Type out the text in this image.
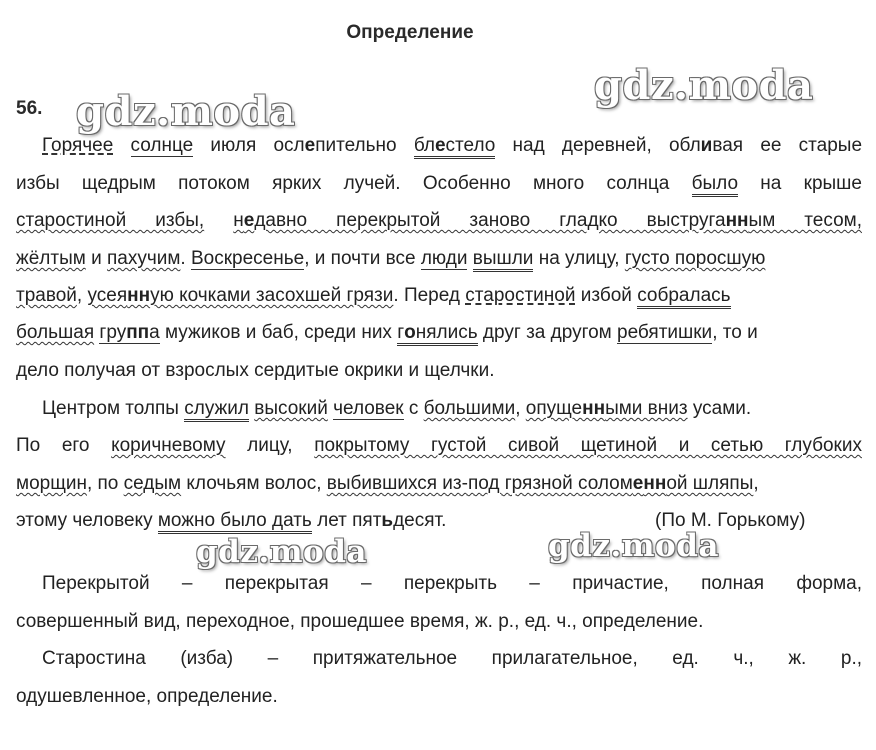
Определение
56.	gdz.moda
gdz.moda
Горячее солнце июля ослепительно блестело над деревней, обливая ее старые
избы щедрым потоком ярких лучей. Особенно много солнца было на крыше
старостиной избы, недавно перекрытой заново гладко выструганным тесом,
жёлтым и пахучим. Воскресенье, и почти все люди вышли на улицу, густо поросшую
травой, усеянную кочками засохшей грязи. Перед старостиной избой собралась
большая группа мужиков и баб, среди них гонялись друг за другом ребятишки, то и
дело получая от взрослых сердитые окрики и щелчки.
Центром толпы служил высокий человек с большими, опущенными вниз усами.
По его коричневому лицу, покрытому густой сивой щетиной и сетью глубоких
морщин, по седым клочьям волос, выбившихся из-под грязной соломенной шляпы,
этому человеку можно было дать лет пятьдесят.	(По М. Горькому)
gdz.moda	gdz.moda
Перекрытой – перекрытая – перекрыть – причастие, полная форма,
совершенный вид, переходное, прошедшее время, ж. р., ед. ч., определение.
Старостина (изба) – притяжательное прилагательное, ед. ч., ж. р.,
одушевленное, определение.
